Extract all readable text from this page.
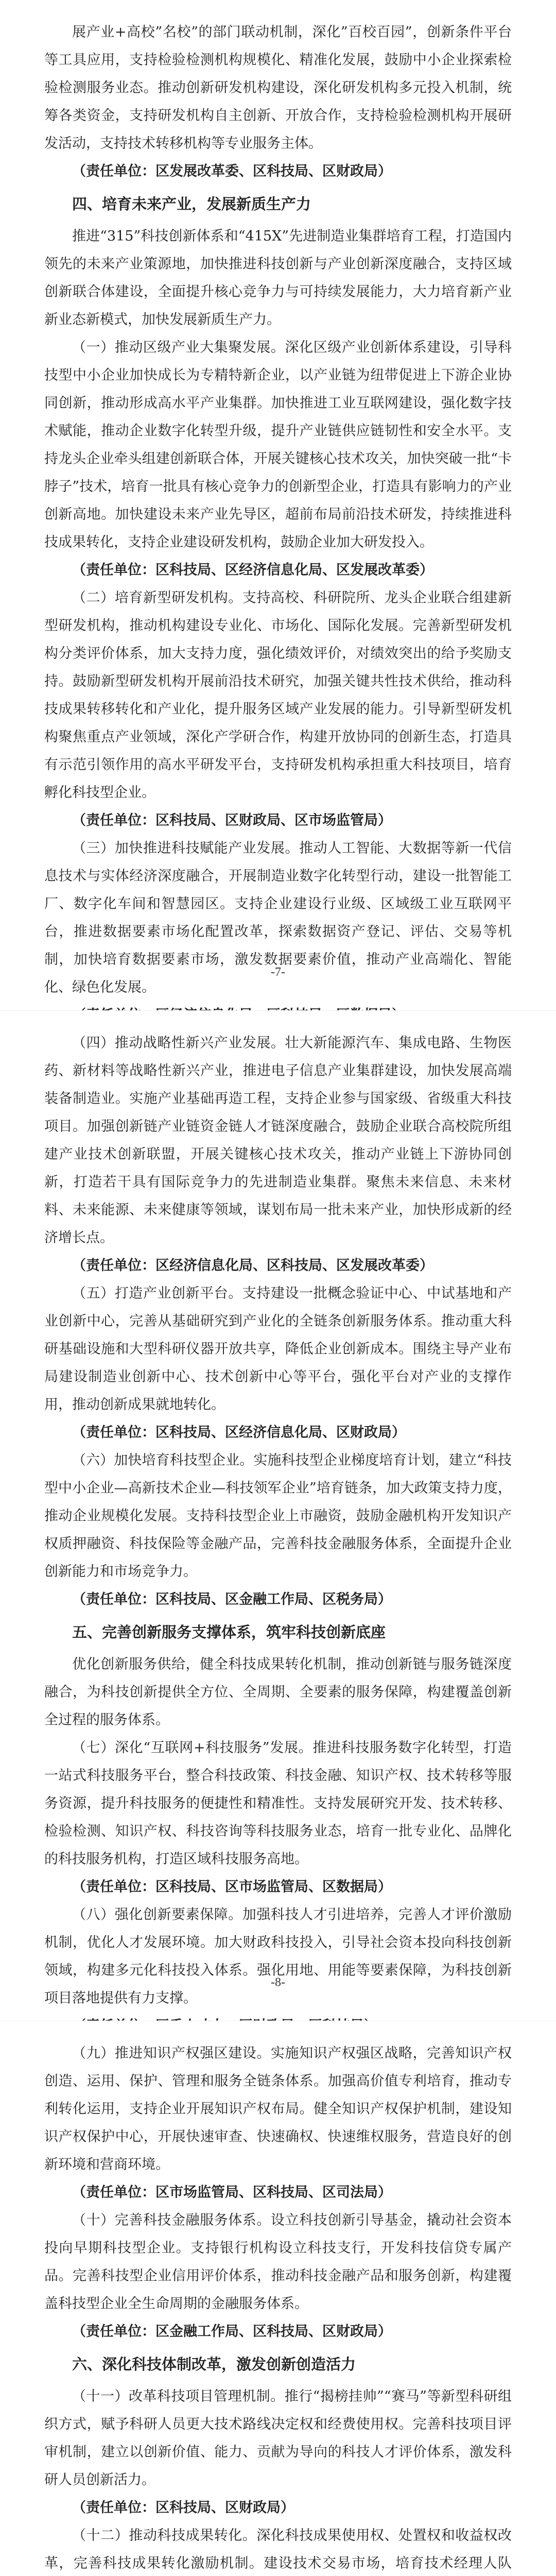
展产业+高校”名校”的部门联动机制，深化”百校百园”，创新条件平台等工具应用，支持检验检测机构规模化、精准化发展，鼓励中小企业探索检验检测服务业态。推动创新研发机构建设，深化研发机构多元投入机制，统筹各类资金，支持研发机构自主创新、开放合作，支持检验检测机构开展研发活动，支持技术转移机构等专业服务主体。

（责任单位：区发展改革委、区科技局、区财政局）

四、培育未来产业，发展新质生产力

推进“315”科技创新体系和“415X”先进制造业集群培育工程，打造国内领先的未来产业策源地，加快推进科技创新与产业创新深度融合，支持区域创新联合体建设，全面提升核心竞争力与可持续发展能力，大力培育新产业新业态新模式，加快发展新质生产力。

（一）推动区级产业大集聚发展。深化区级产业创新体系建设，引导科技型中小企业加快成长为专精特新企业，以产业链为纽带促进上下游企业协同创新，推动形成高水平产业集群。加快推进工业互联网建设，强化数字技术赋能，推动企业数字化转型升级，提升产业链供应链韧性和安全水平。支持龙头企业牵头组建创新联合体，开展关键核心技术攻关，加快突破一批“卡脖子”技术，培育一批具有核心竞争力的创新型企业，打造具有影响力的产业创新高地。加快建设未来产业先导区，超前布局前沿技术研发，持续推进科技成果转化，支持企业建设研发机构，鼓励企业加大研发投入。

（责任单位：区科技局、区经济信息化局、区发展改革委）

（二）培育新型研发机构。支持高校、科研院所、龙头企业联合组建新型研发机构，推动机构建设专业化、市场化、国际化发展。完善新型研发机构分类评价体系，加大支持力度，强化绩效评价，对绩效突出的给予奖励支持。鼓励新型研发机构开展前沿技术研究，加强关键共性技术供给，推动科技成果转移转化和产业化，提升服务区域产业发展的能力。引导新型研发机构聚焦重点产业领域，深化产学研合作，构建开放协同的创新生态，打造具有示范引领作用的高水平研发平台，支持研发机构承担重大科技项目，培育孵化科技型企业。

（责任单位：区科技局、区财政局、区市场监管局）

（三）加快推进科技赋能产业发展。推动人工智能、大数据等新一代信息技术与实体经济深度融合，开展制造业数字化转型行动，建设一批智能工厂、数字化车间和智慧园区。支持企业建设行业级、区域级工业互联网平台，推进数据要素市场化配置改革，探索数据资产登记、评估、交易等机制，加快培育数据要素市场，激发数据要素价值，推动产业高端化、智能化、绿色化发展。

-7-

（四）推动战略性新兴产业发展。壮大新能源汽车、集成电路、生物医药、新材料等战略性新兴产业，推进电子信息产业集群建设，加快发展高端装备制造业。实施产业基础再造工程，支持企业参与国家级、省级重大科技项目。加强创新链产业链资金链人才链深度融合，鼓励企业联合高校院所组建产业技术创新联盟，开展关键核心技术攻关，推动产业链上下游协同创新，打造若干具有国际竞争力的先进制造业集群。聚焦未来信息、未来材料、未来能源、未来健康等领域，谋划布局一批未来产业，加快形成新的经济增长点。

（责任单位：区经济信息化局、区科技局、区发展改革委）

（五）打造产业创新平台。支持建设一批概念验证中心、中试基地和产业创新中心，完善从基础研究到产业化的全链条创新服务体系。推动重大科研基础设施和大型科研仪器开放共享，降低企业创新成本。围绕主导产业布局建设制造业创新中心、技术创新中心等平台，强化平台对产业的支撑作用，推动创新成果就地转化。

（责任单位：区科技局、区经济信息化局、区财政局）

（六）加快培育科技型企业。实施科技型企业梯度培育计划，建立“科技型中小企业—高新技术企业—科技领军企业”培育链条，加大政策支持力度，推动企业规模化发展。支持科技型企业上市融资，鼓励金融机构开发知识产权质押融资、科技保险等金融产品，完善科技金融服务体系，全面提升企业创新能力和市场竞争力。

（责任单位：区科技局、区金融工作局、区税务局）

五、完善创新服务支撑体系，筑牢科技创新底座

优化创新服务供给，健全科技成果转化机制，推动创新链与服务链深度融合，为科技创新提供全方位、全周期、全要素的服务保障，构建覆盖创新全过程的服务体系。

（七）深化“互联网+科技服务”发展。推进科技服务数字化转型，打造一站式科技服务平台，整合科技政策、科技金融、知识产权、技术转移等服务资源，提升科技服务的便捷性和精准性。支持发展研究开发、技术转移、检验检测、知识产权、科技咨询等科技服务业态，培育一批专业化、品牌化的科技服务机构，打造区域科技服务高地。

（责任单位：区科技局、区市场监管局、区数据局）

（八）强化创新要素保障。加强科技人才引进培养，完善人才评价激励机制，优化人才发展环境。加大财政科技投入，引导社会资本投向科技创新领域，构建多元化科技投入体系。强化用地、用能等要素保障，为科技创新项目落地提供有力支撑。

-8-

（九）推进知识产权强区建设。实施知识产权强区战略，完善知识产权创造、运用、保护、管理和服务全链条体系。加强高价值专利培育，推动专利转化运用，支持企业开展知识产权布局。健全知识产权保护机制，建设知识产权保护中心，开展快速审查、快速确权、快速维权服务，营造良好的创新环境和营商环境。

（责任单位：区市场监管局、区科技局、区司法局）

（十）完善科技金融服务体系。设立科技创新引导基金，撬动社会资本投向早期科技型企业。支持银行机构设立科技支行，开发科技信贷专属产品。完善科技型企业信用评价体系，推动科技金融产品和服务创新，构建覆盖科技型企业全生命周期的金融服务体系。

（责任单位：区金融工作局、区科技局、区财政局）

六、深化科技体制改革，激发创新创造活力

（十一）改革科技项目管理机制。推行“揭榜挂帅”“赛马”等新型科研组织方式，赋予科研人员更大技术路线决定权和经费使用权。完善科技项目评审机制，建立以创新价值、能力、贡献为导向的科技人才评价体系，激发科研人员创新活力。

（责任单位：区科技局、区财政局）

（十二）推动科技成果转化。深化科技成果使用权、处置权和收益权改革，完善科技成果转化激励机制。建设技术交易市场，培育技术经理人队
